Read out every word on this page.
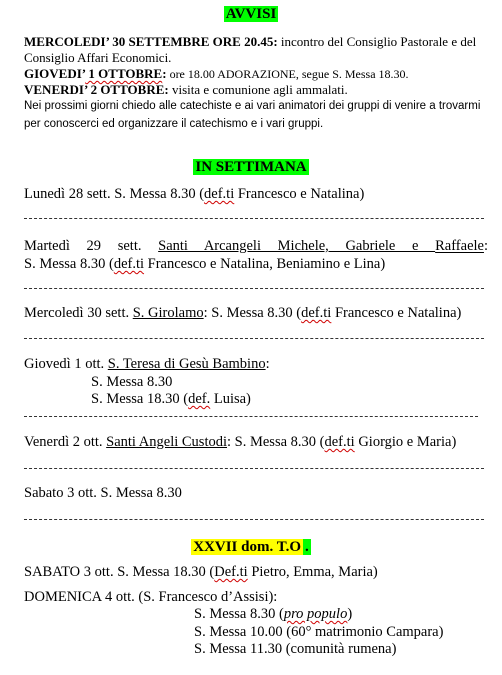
AVVISI

MERCOLEDI’ 30 SETTEMBRE ORE 20.45: incontro del Consiglio Pastorale e del Consiglio Affari Economici.

GIOVEDI’ 1 OTTOBRE: ore 18.00 ADORAZIONE, segue S. Messa 18.30.

VENERDI’ 2 OTTOBRE: visita e comunione agli ammalati.

Nei prossimi giorni chiedo alle catechiste e ai vari animatori dei gruppi di venire a trovarmi per conoscerci ed organizzare il catechismo e i vari gruppi.

IN SETTIMANA
Lunedì 28 sett. S. Messa 8.30 (def.ti Francesco e Natalina)
Martedì 29 sett. Santi Arcangeli Michele, Gabriele e Raffaele:
S. Messa 8.30 (def.ti Francesco e Natalina, Beniamino e Lina)
Mercoledì 30 sett. S. Girolamo: S. Messa 8.30 (def.ti Francesco e Natalina)
Giovedì 1 ott. S. Teresa di Gesù Bambino:
S. Messa 8.30
S. Messa 18.30 (def. Luisa)
Venerdì 2 ott. Santi Angeli Custodi: S. Messa 8.30 (def.ti Giorgio e Maria)
Sabato 3 ott. S. Messa 8.30
XXVII dom. T.O .
SABATO 3 ott. S. Messa 18.30 (Def.ti Pietro, Emma, Maria)
DOMENICA 4 ott. (S. Francesco d’Assisi):
S. Messa 8.30 (pro populo)
S. Messa 10.00 (60° matrimonio Campara)
S. Messa 11.30 (comunità rumena)
